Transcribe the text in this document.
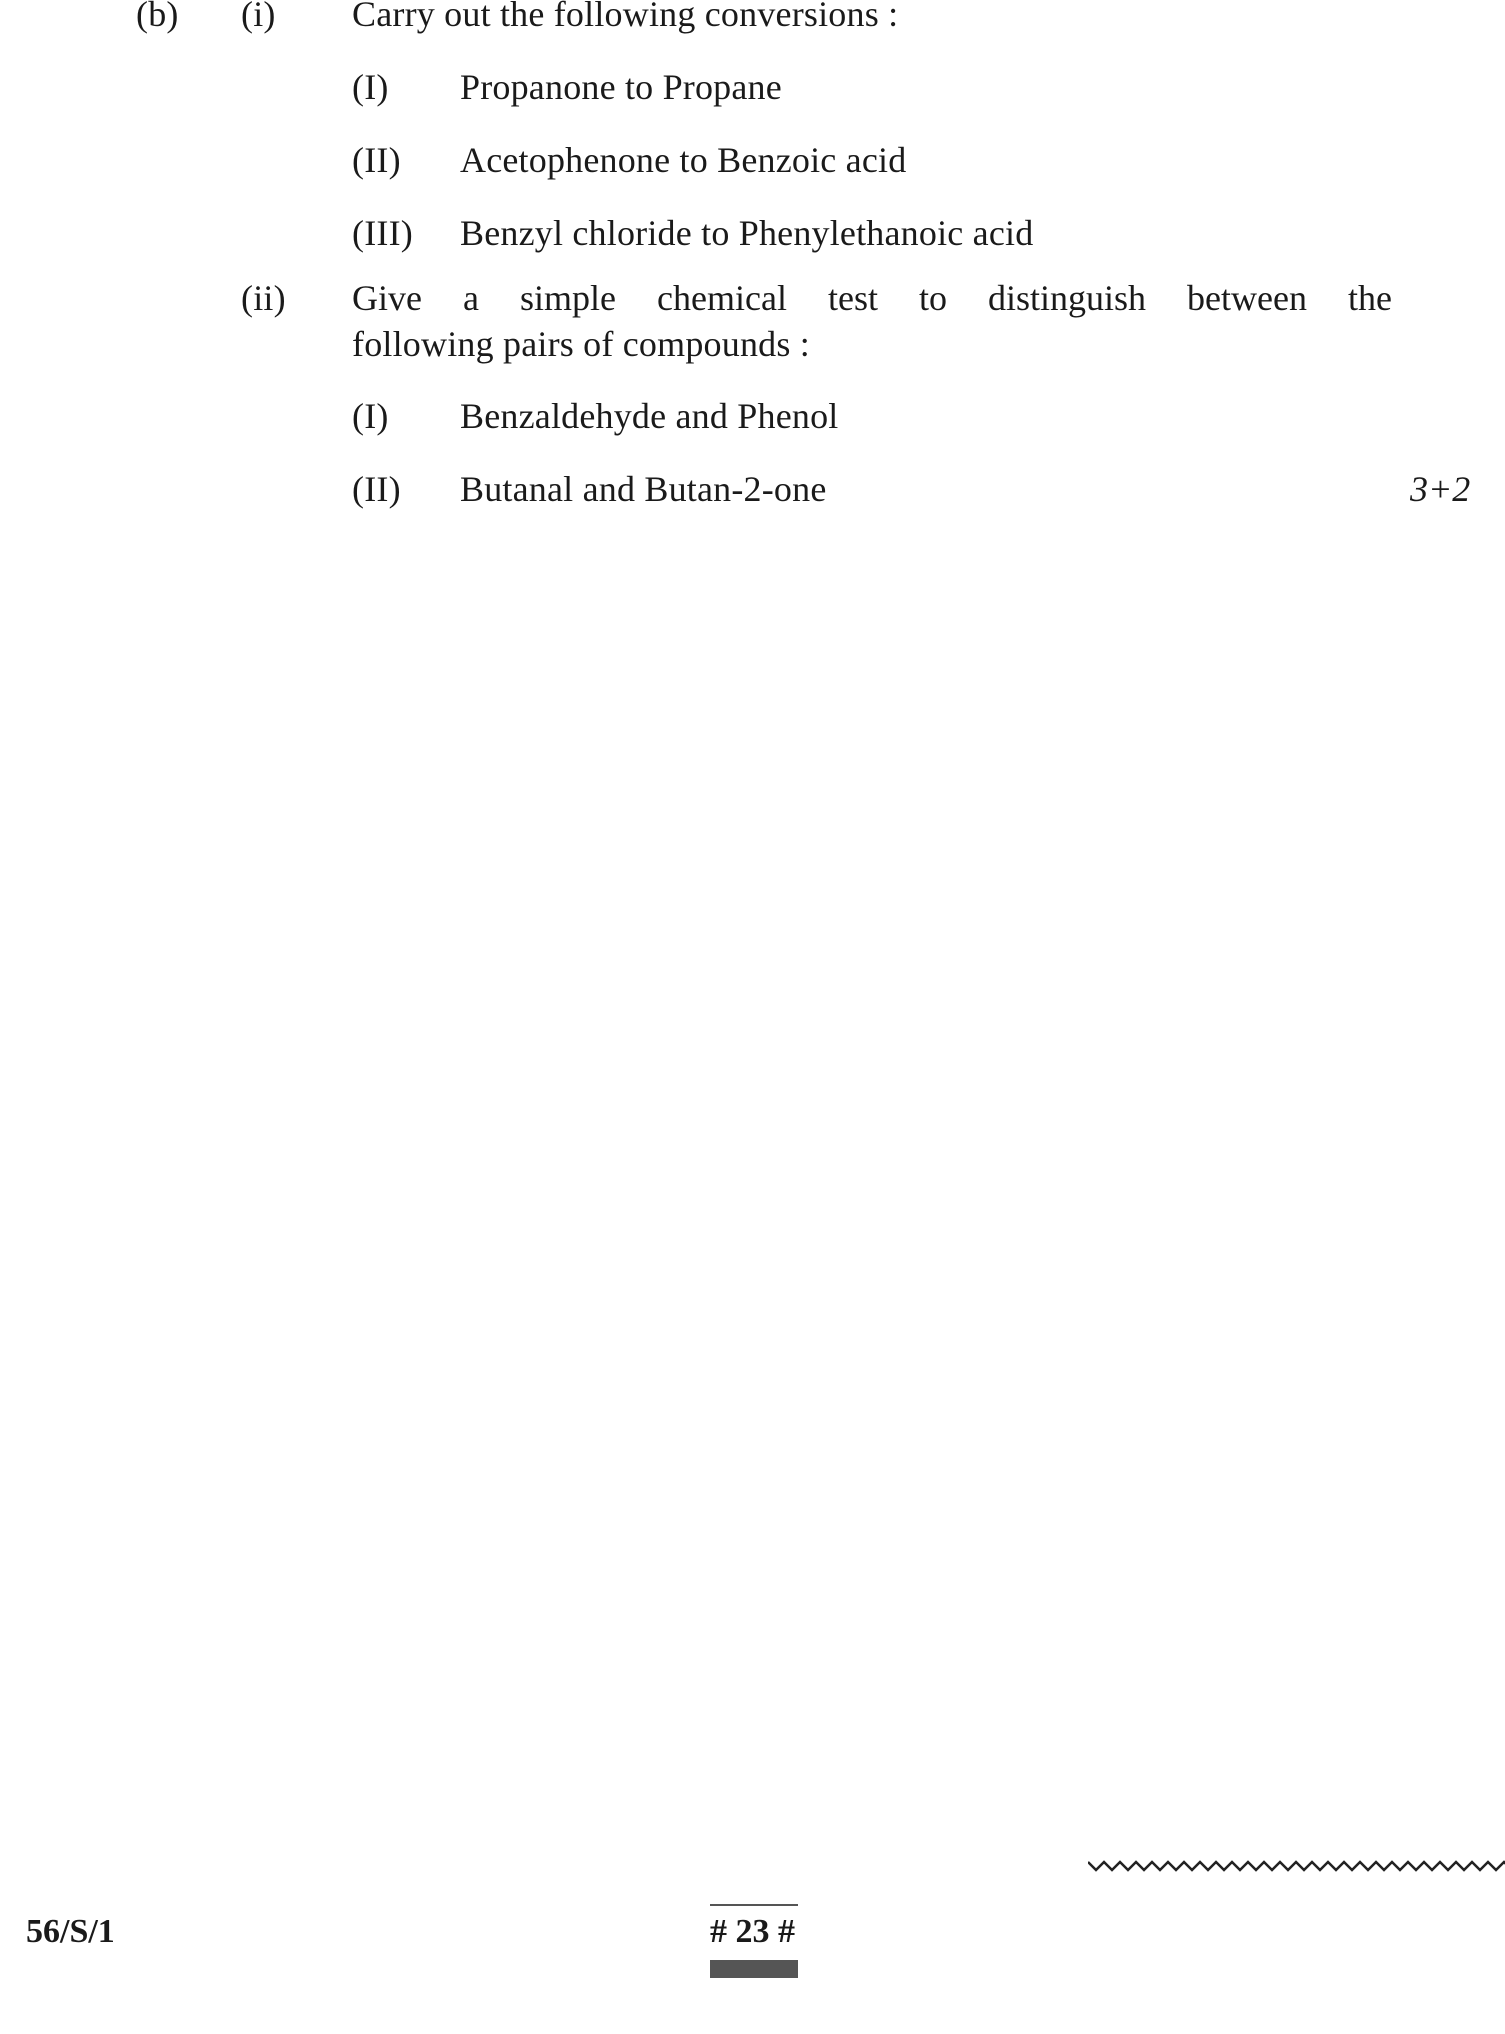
(b) (i) Carry out the following conversions :
(I) Propanone to Propane
(II) Acetophenone to Benzoic acid
(III) Benzyl chloride to Phenylethanoic acid
(ii) Give a simple chemical test to distinguish between the
following pairs of compounds :
(I) Benzaldehyde and Phenol
(II) Butanal and Butan-2-one	3+2
56/S/1	# 23 #
